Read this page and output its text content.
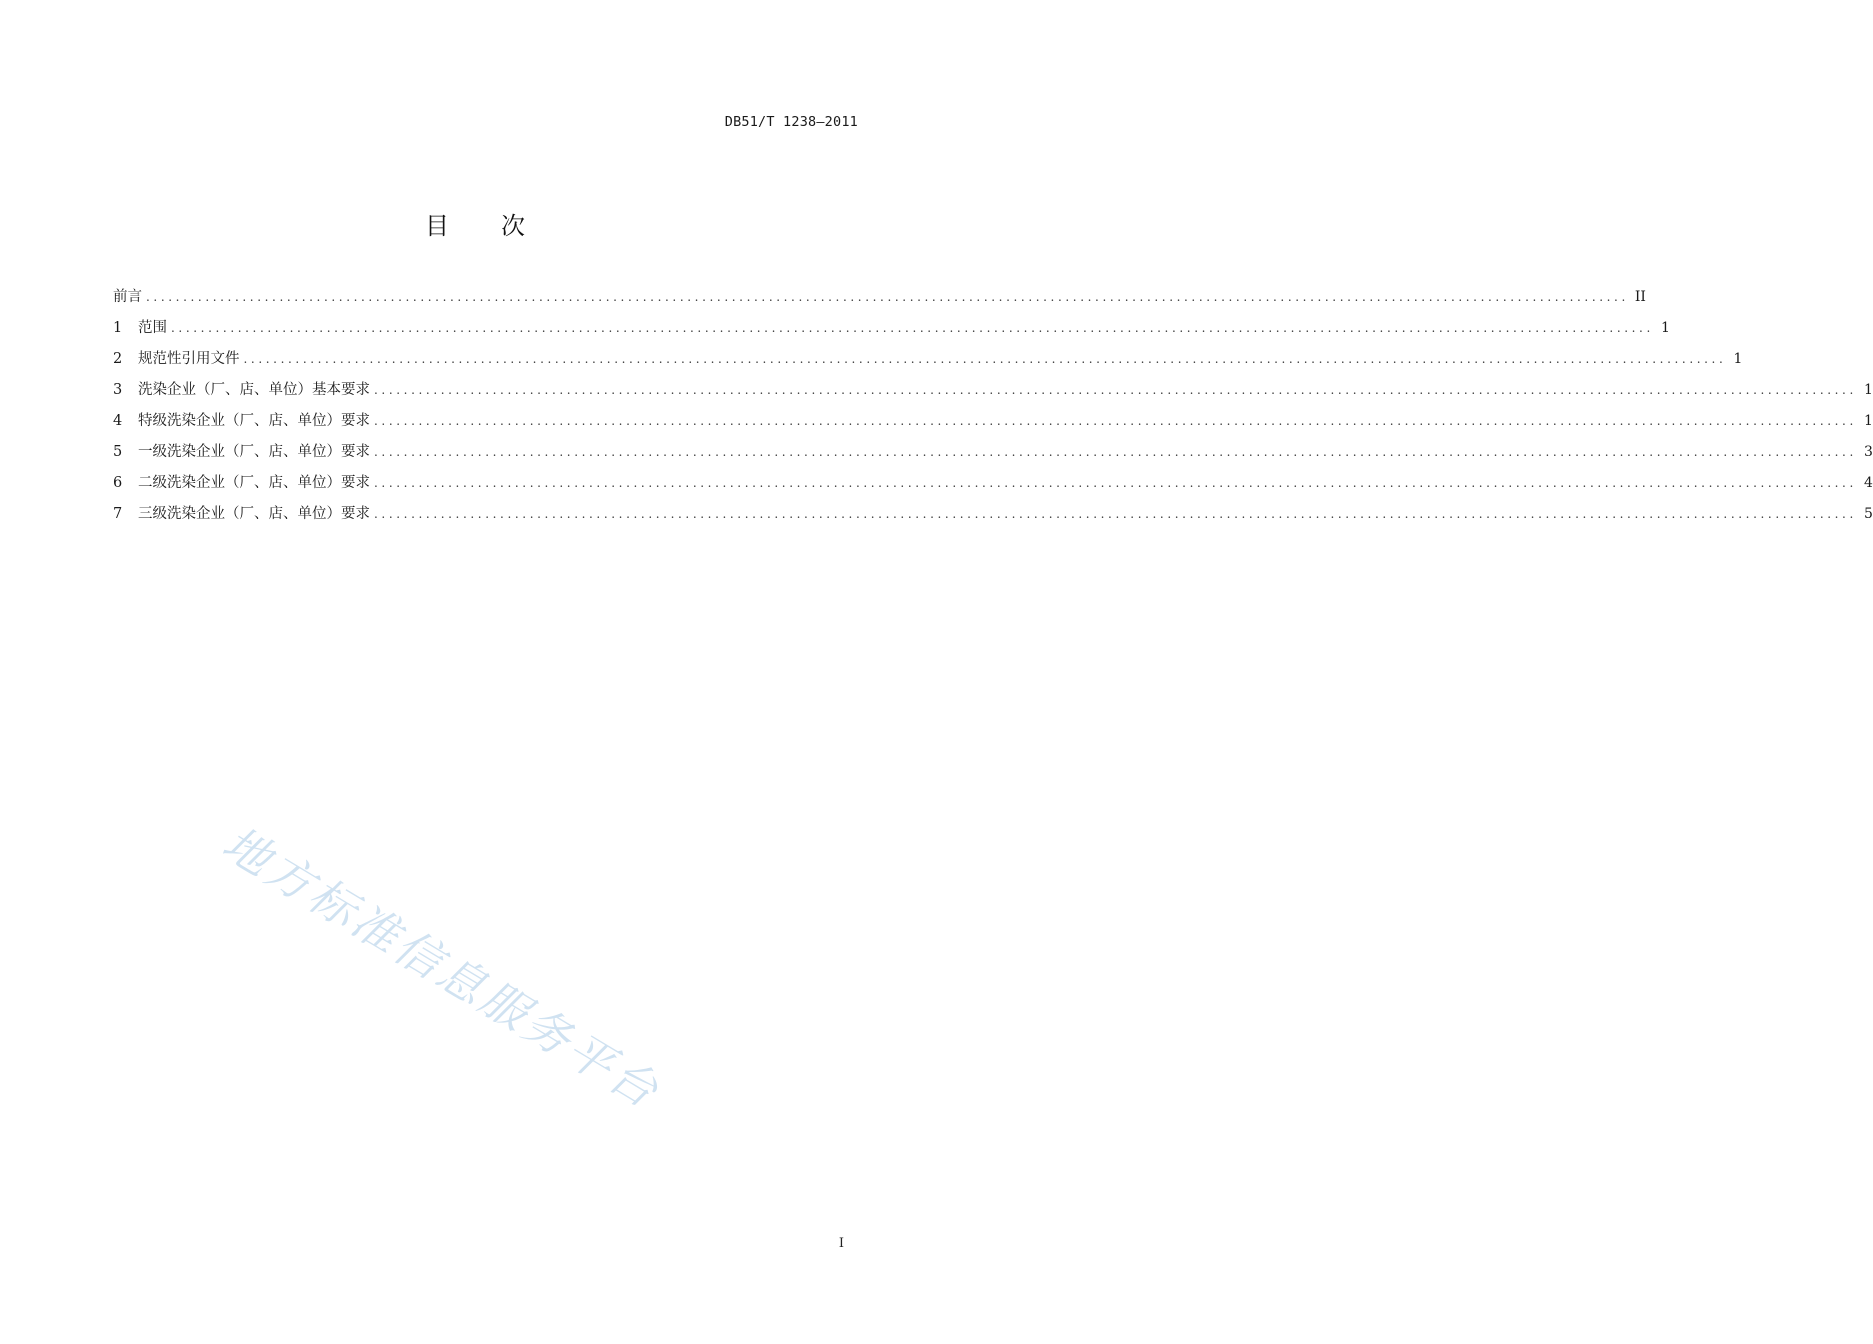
DB51/T 1238—2011
目 次
前言 ........................................................................................................................................................................................................ II
1	范围 ........................................................................................................................................................................................................ 1
2	规范性引用文件 ........................................................................................................................................................................................................ 1
3	洗染企业（厂、店、单位）基本要求 ........................................................................................................................................................................................................ 1
4	特级洗染企业（厂、店、单位）要求 ........................................................................................................................................................................................................ 1
5	一级洗染企业（厂、店、单位）要求 ........................................................................................................................................................................................................ 3
6	二级洗染企业（厂、店、单位）要求 ........................................................................................................................................................................................................ 4
7	三级洗染企业（厂、店、单位）要求 ........................................................................................................................................................................................................ 5
地方标准信息服务平台
I
